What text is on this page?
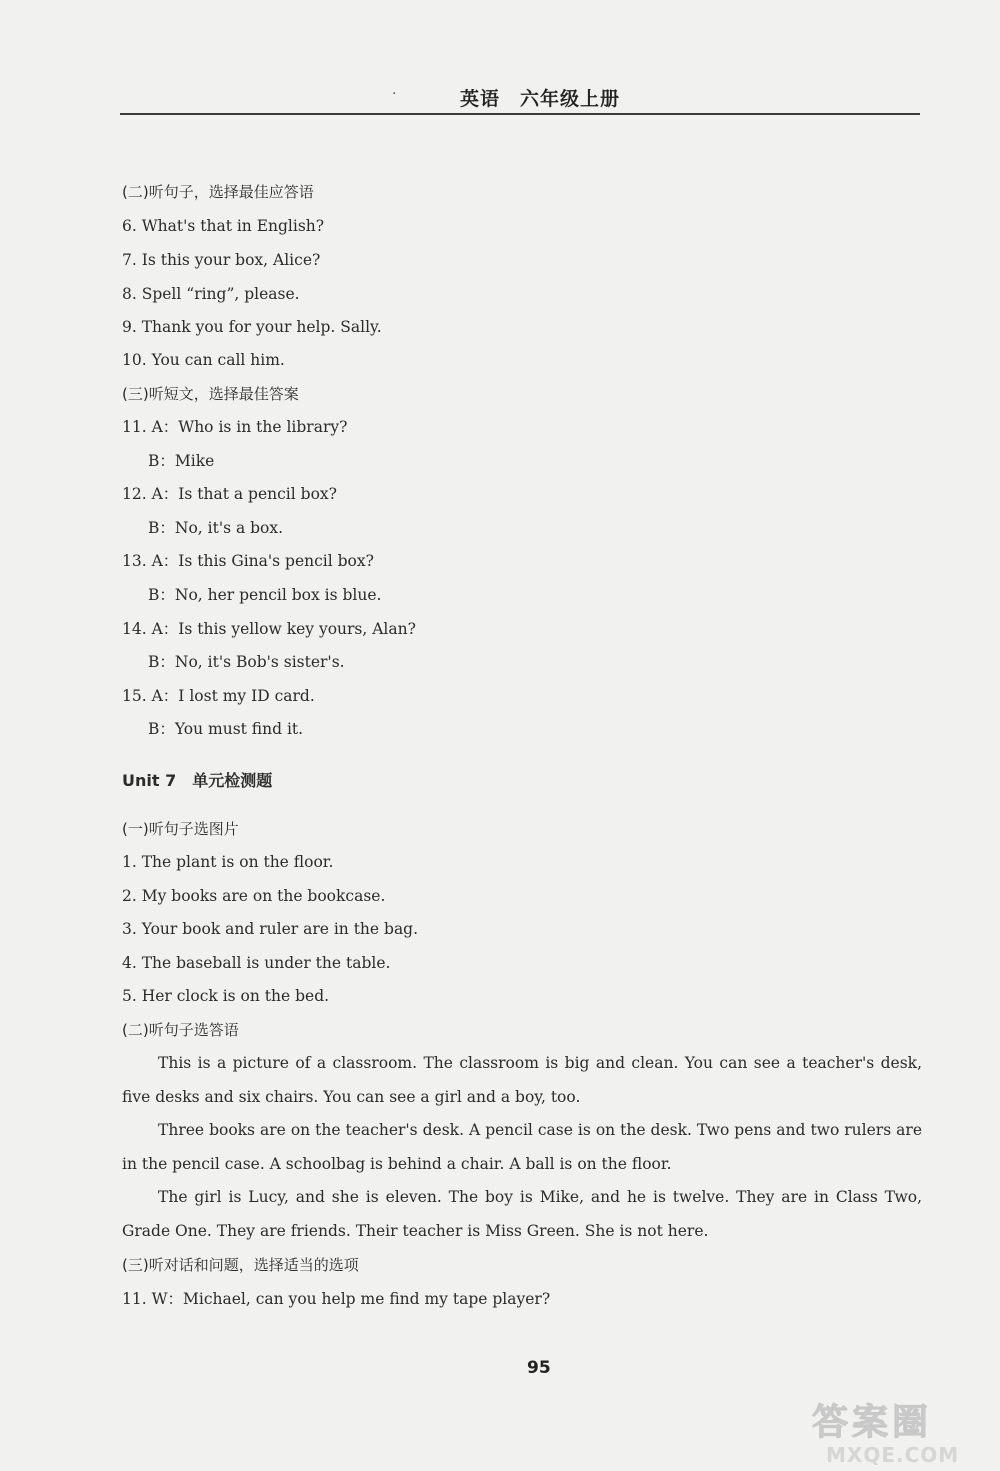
·	英语　六年级上册
(二)听句子，选择最佳应答语
6. What's that in English?
7. Is this your box, Alice?
8. Spell “ring”, please.
9. Thank you for your help. Sally.
10. You can call him.
(三)听短文，选择最佳答案
11. A：Who is in the library?
B：Mike
12. A：Is that a pencil box?
B：No, it's a box.
13. A：Is this Gina's pencil box?
B：No, her pencil box is blue.
14. A：Is this yellow key yours, Alan?
B：No, it's Bob's sister's.
15. A：I lost my ID card.
B：You must find it.
Unit 7　单元检测题
(一)听句子选图片
1. The plant is on the floor.
2. My books are on the bookcase.
3. Your book and ruler are in the bag.
4. The baseball is under the table.
5. Her clock is on the bed.
(二)听句子选答语
This is a picture of a classroom. The classroom is big and clean. You can see a teacher's desk, five desks and six chairs. You can see a girl and a boy, too.
Three books are on the teacher's desk. A pencil case is on the desk. Two pens and two rulers are in the pencil case. A schoolbag is behind a chair. A ball is on the floor.
The girl is Lucy, and she is eleven. The boy is Mike, and he is twelve. They are in Class Two, Grade One. They are friends. Their teacher is Miss Green. She is not here.
(三)听对话和问题，选择适当的选项
11. W：Michael, can you help me find my tape player?
95
答案圈
MXQE.COM
